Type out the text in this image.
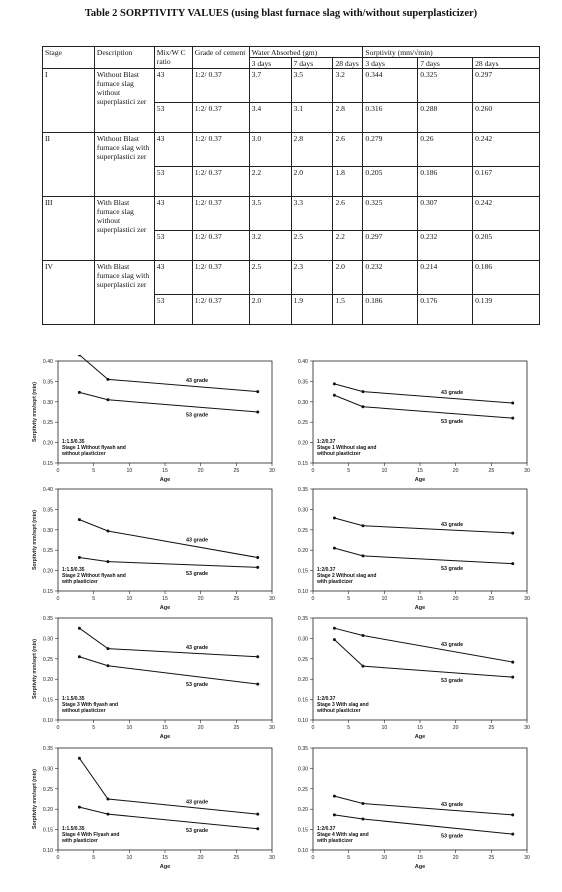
Table 2 SORPTIVITY VALUES (using blast furnace slag with/without superplasticizer)
Stage	Description	Mix/W C ratio	Grade of cement	Water Absorbed (gm)			Sorptivity (mm/√min)		
				3 days	7 days	28 days	3 days	7 days	28 days
I	Without Blast furnace slag without superplastici zer	43	1:2/ 0.37	3.7	3.5	3.2	0.344	0.325	0.297
		53	1:2/ 0.37	3.4	3.1	2.8	0.316	0.288	0.260
II	Without Blast furnace slag with superplastici zer	43	1:2/ 0.37	3.0	2.8	2.6	0.279	0.26	0.242
		53	1:2/ 0.37	2.2	2.0	1.8	0.205	0.186	0.167
III	With Blast furnace slag without superplastici zer	43	1:2/ 0.37	3.5	3.3	2.6	0.325	0.307	0.242
		53	1:2/ 0.37	3.2	2.5	2.2	0.297	0.232	0.205
IV	With Blast furnace slag with superplastici zer	43	1:2/ 0.37	2.5	2.3	2.0	0.232	0.214	0.186
		53	1:2/ 0.37	2.0	1.9	1.5	0.186	0.176	0.139
0.15
0.20
0.25
0.30
0.35
0.40
0	5	10	15	20	25	30
Age
Sorptivity mm/sqrt (min)
43 grade
53 grade
1:1.5/0.35
Stage 1 Without flyash and
without plasticizer
0.15
0.20
0.25
0.30
0.35
0.40
0	5	10	15	20	25	30
Age
43 grade
53 grade
1:2/0.37
Stage 1 Without slag and
without plasticizer
0.15
0.20
0.25
0.30
0.35
0.40
0	5	10	15	20	25	30
Age
Sorptivity mm/sqrt (min)	43 grade
53 grade
1:1.5/0.35
Stage 2 Without flyash and
with plasticizer
0.10
0.15
0.20
0.25
0.30
0.35
0	5	10	15	20	25	30
Age
43 grade
53 grade
1:2/0.37
Stage 2 Without slag and
with plasticizer
0.10
0.15
0.20
0.25
0.30
0.35
0	5	10	15	20	25	30
Age
Sorptivity mm/sqrt (min)	43 grade
53 grade
1:1.5/0.35
Stage 3 With flyash and
without plasticizer
0.10
0.15
0.20
0.25
0.30
0.35
0	5	10	15	20	25	30
Age
43 grade
53 grade
1:2/0.37
Stage 3 With slag and
without plasticizer
0.10
0.15
0.20
0.25
0.30
0.35
0	5	10	15	20	25	30
Age
Sorptivity mm/sqrt (min)	43 grade
53 grade
1:1.5/0.35
Stage 4 With Flyash and
with plasticizer
0.10
0.15
0.20
0.25
0.30
0.35
0	5	10	15	20	25	30
Age
43 grade
53 grade
1:2/0.37
Stage 4 With slag and
with plasticizer
